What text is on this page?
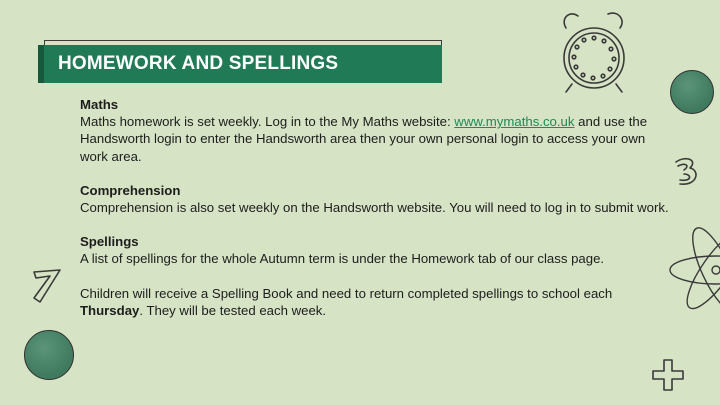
HOMEWORK AND SPELLINGS
Maths
Maths homework is set weekly. Log in to the My Maths website: www.mymaths.co.uk and use the Handsworth login to enter the Handsworth area then your own personal login to access your own work area.
Comprehension
Comprehension is also set weekly on the Handsworth website. You will need to log in to submit work.
Spellings
A list of spellings for the whole Autumn term is under the Homework tab of our class page.
Children will receive a Spelling Book and need to return completed spellings to school each Thursday. They will be tested each week.
